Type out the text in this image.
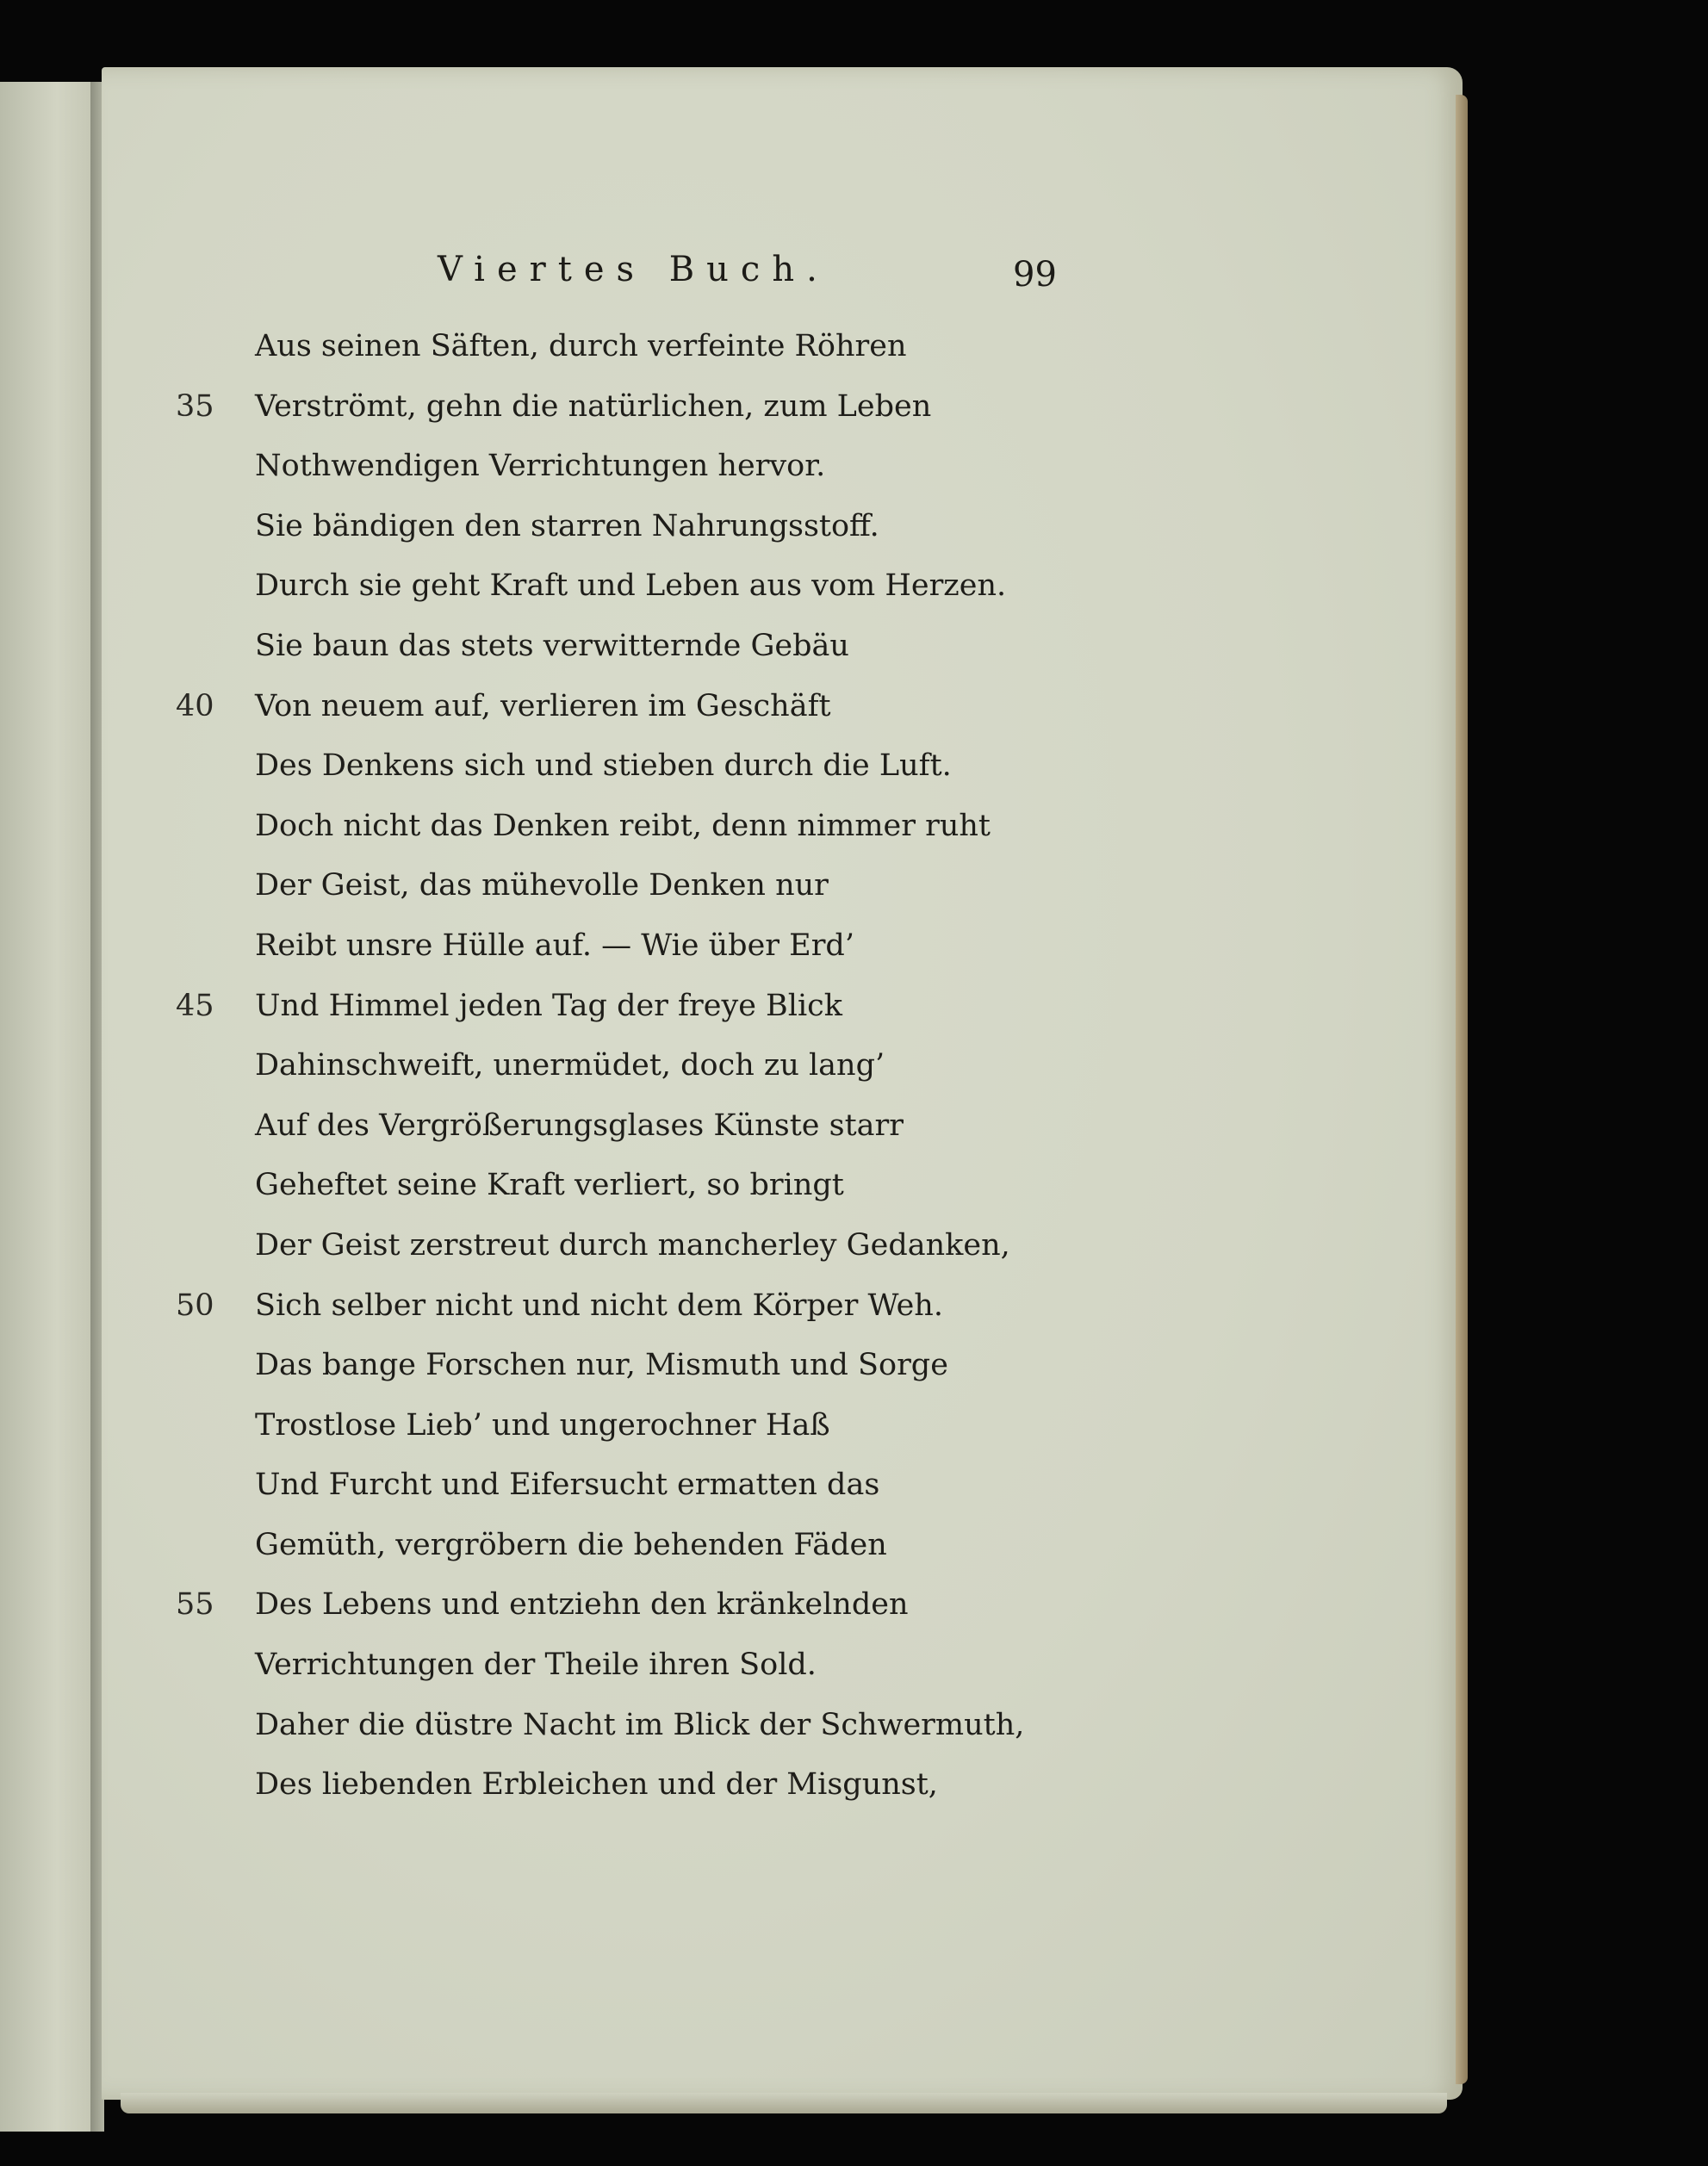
Viertes Buch.	99
Aus seinen Säften, durch verfeinte Röhren
35	Verströmt, gehn die natürlichen, zum Leben
Nothwendigen Verrichtungen hervor.
Sie bändigen den starren Nahrungsstoff.
Durch sie geht Kraft und Leben aus vom Herzen.
Sie baun das stets verwitternde Gebäu
40	Von neuem auf, verlieren im Geschäft
Des Denkens sich und stieben durch die Luft.
Doch nicht das Denken reibt, denn nimmer ruht
Der Geist, das mühevolle Denken nur
Reibt unsre Hülle auf. — Wie über Erd’
45	Und Himmel jeden Tag der freye Blick
Dahinschweift, unermüdet, doch zu lang’
Auf des Vergrößerungsglases Künste starr
Geheftet seine Kraft verliert, so bringt
Der Geist zerstreut durch mancherley Gedanken,
50	Sich selber nicht und nicht dem Körper Weh.
Das bange Forschen nur, Mismuth und Sorge
Trostlose Lieb’ und ungerochner Haß
Und Furcht und Eifersucht ermatten das
Gemüth, vergröbern die behenden Fäden
55	Des Lebens und entziehn den kränkelnden
Verrichtungen der Theile ihren Sold.
Daher die düstre Nacht im Blick der Schwermuth,
Des liebenden Erbleichen und der Misgunst,
